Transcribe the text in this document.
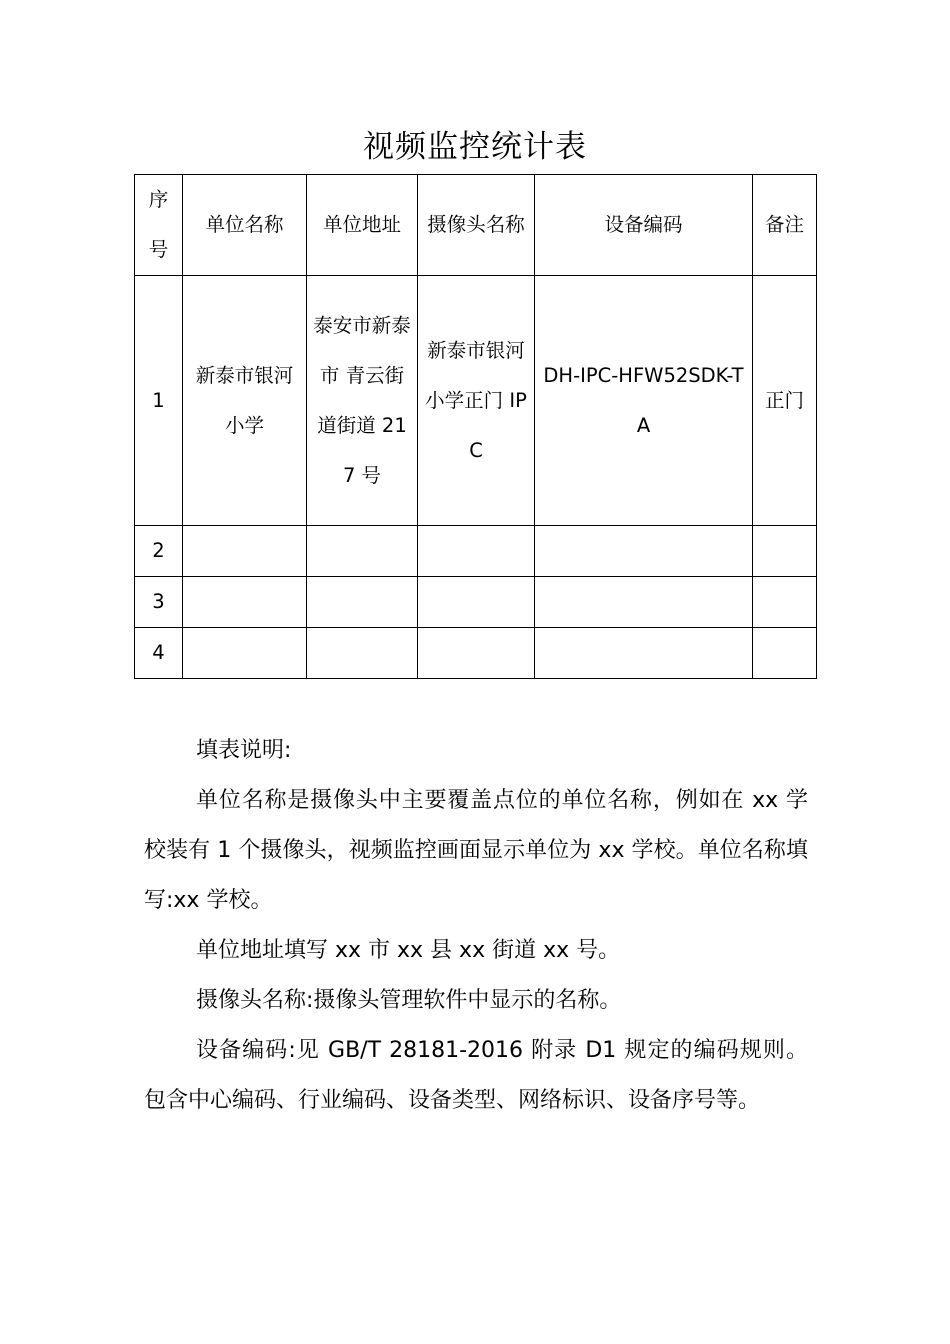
视频监控统计表
序号	单位名称	单位地址	摄像头名称	设备编码	备注
1	新泰市银河小学	泰安市新泰市 青云街道街道 217 号	新泰市银河小学正门 IPC	DH-IPC-HFW52SDK-TA	正门
2					
3					
4					

填表说明:

单位名称是摄像头中主要覆盖点位的单位名称，例如在 xx 学校装有 1 个摄像头，视频监控画面显示单位为 xx 学校。单位名称填写:xx 学校。

单位地址填写 xx 市 xx 县 xx 街道 xx 号。

摄像头名称:摄像头管理软件中显示的名称。

设备编码:见 GB/T 28181-2016 附录 D1 规定的编码规则。包含中心编码、行业编码、设备类型、网络标识、设备序号等。
